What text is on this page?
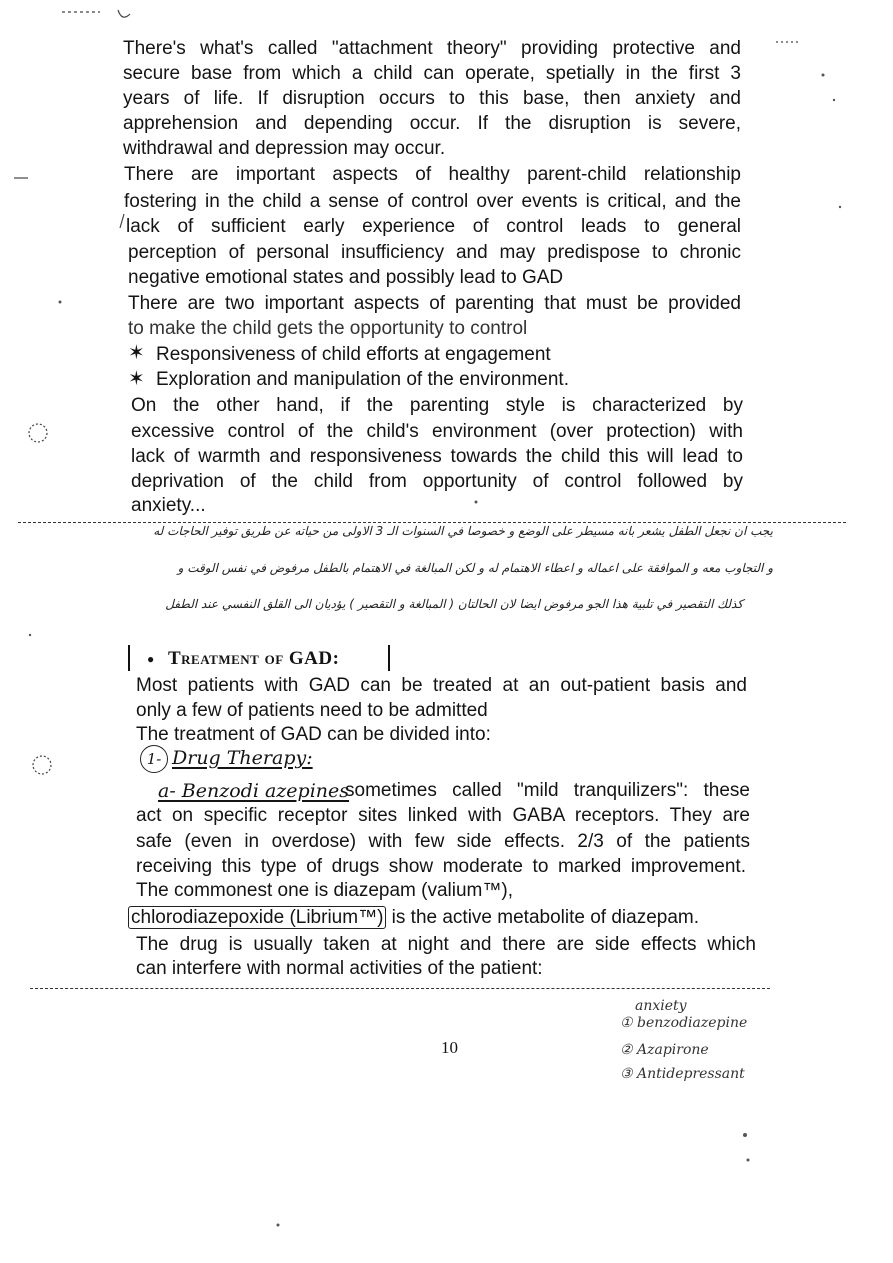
There's what's called "attachment theory" providing protective and
secure base from which a child can operate, spetially in the first 3
years of life. If disruption occurs to this base, then anxiety and
apprehension and depending occur. If the disruption is severe,
withdrawal and depression may occur.
There are important aspects of healthy parent-child relationship
fostering in the child a sense of control over events is critical, and the
lack of sufficient early experience of control leads to general
perception of personal insufficiency and may predispose to chronic
negative emotional states and possibly lead to GAD
There are two important aspects of parenting that must be provided
to make the child gets the opportunity to control
✶ Responsiveness of child efforts at engagement
✶ Exploration and manipulation of the environment.
On the other hand, if the parenting style is characterized by
excessive control of the child's environment (over protection) with
lack of warmth and responsiveness towards the child this will lead to
deprivation of the child from opportunity of control followed by
anxiety...
يجب ان نجعل الطفل يشعر بانه مسيطر على الوضع و خصوصا في السنوات الـ 3 الاولى من حياته عن طريق توفير الحاجات له
و التجاوب معه و الموافقة على اعماله و اعطاء الاهتمام له و لكن المبالغة في الاهتمام بالطفل مرفوض في نفس الوقت و
كذلك التقصير في تلبية هذا الجو مرفوض ايضا لان الحالتان ( المبالغة و التقصير ) يؤديان الى القلق النفسي عند الطفل
● Treatment of GAD:
Most patients with GAD can be treated at an out-patient basis and
only a few of patients need to be admitted
The treatment of GAD can be divided into:
1- Drug Therapy:
a- Benzodi azepines
sometimes called "mild tranquilizers": these
act on specific receptor sites linked with GABA receptors. They are
safe (even in overdose) with few side effects. 2/3 of the patients
receiving this type of drugs show moderate to marked improvement.
The commonest one is diazepam (valium™),
chlorodiazepoxide (Librium™) is the active metabolite of diazepam.
The drug is usually taken at night and there are side effects which
can interfere with normal activities of the patient:
10
anxiety
① benzodiazepine
② Azapirone
③ Antidepressant
